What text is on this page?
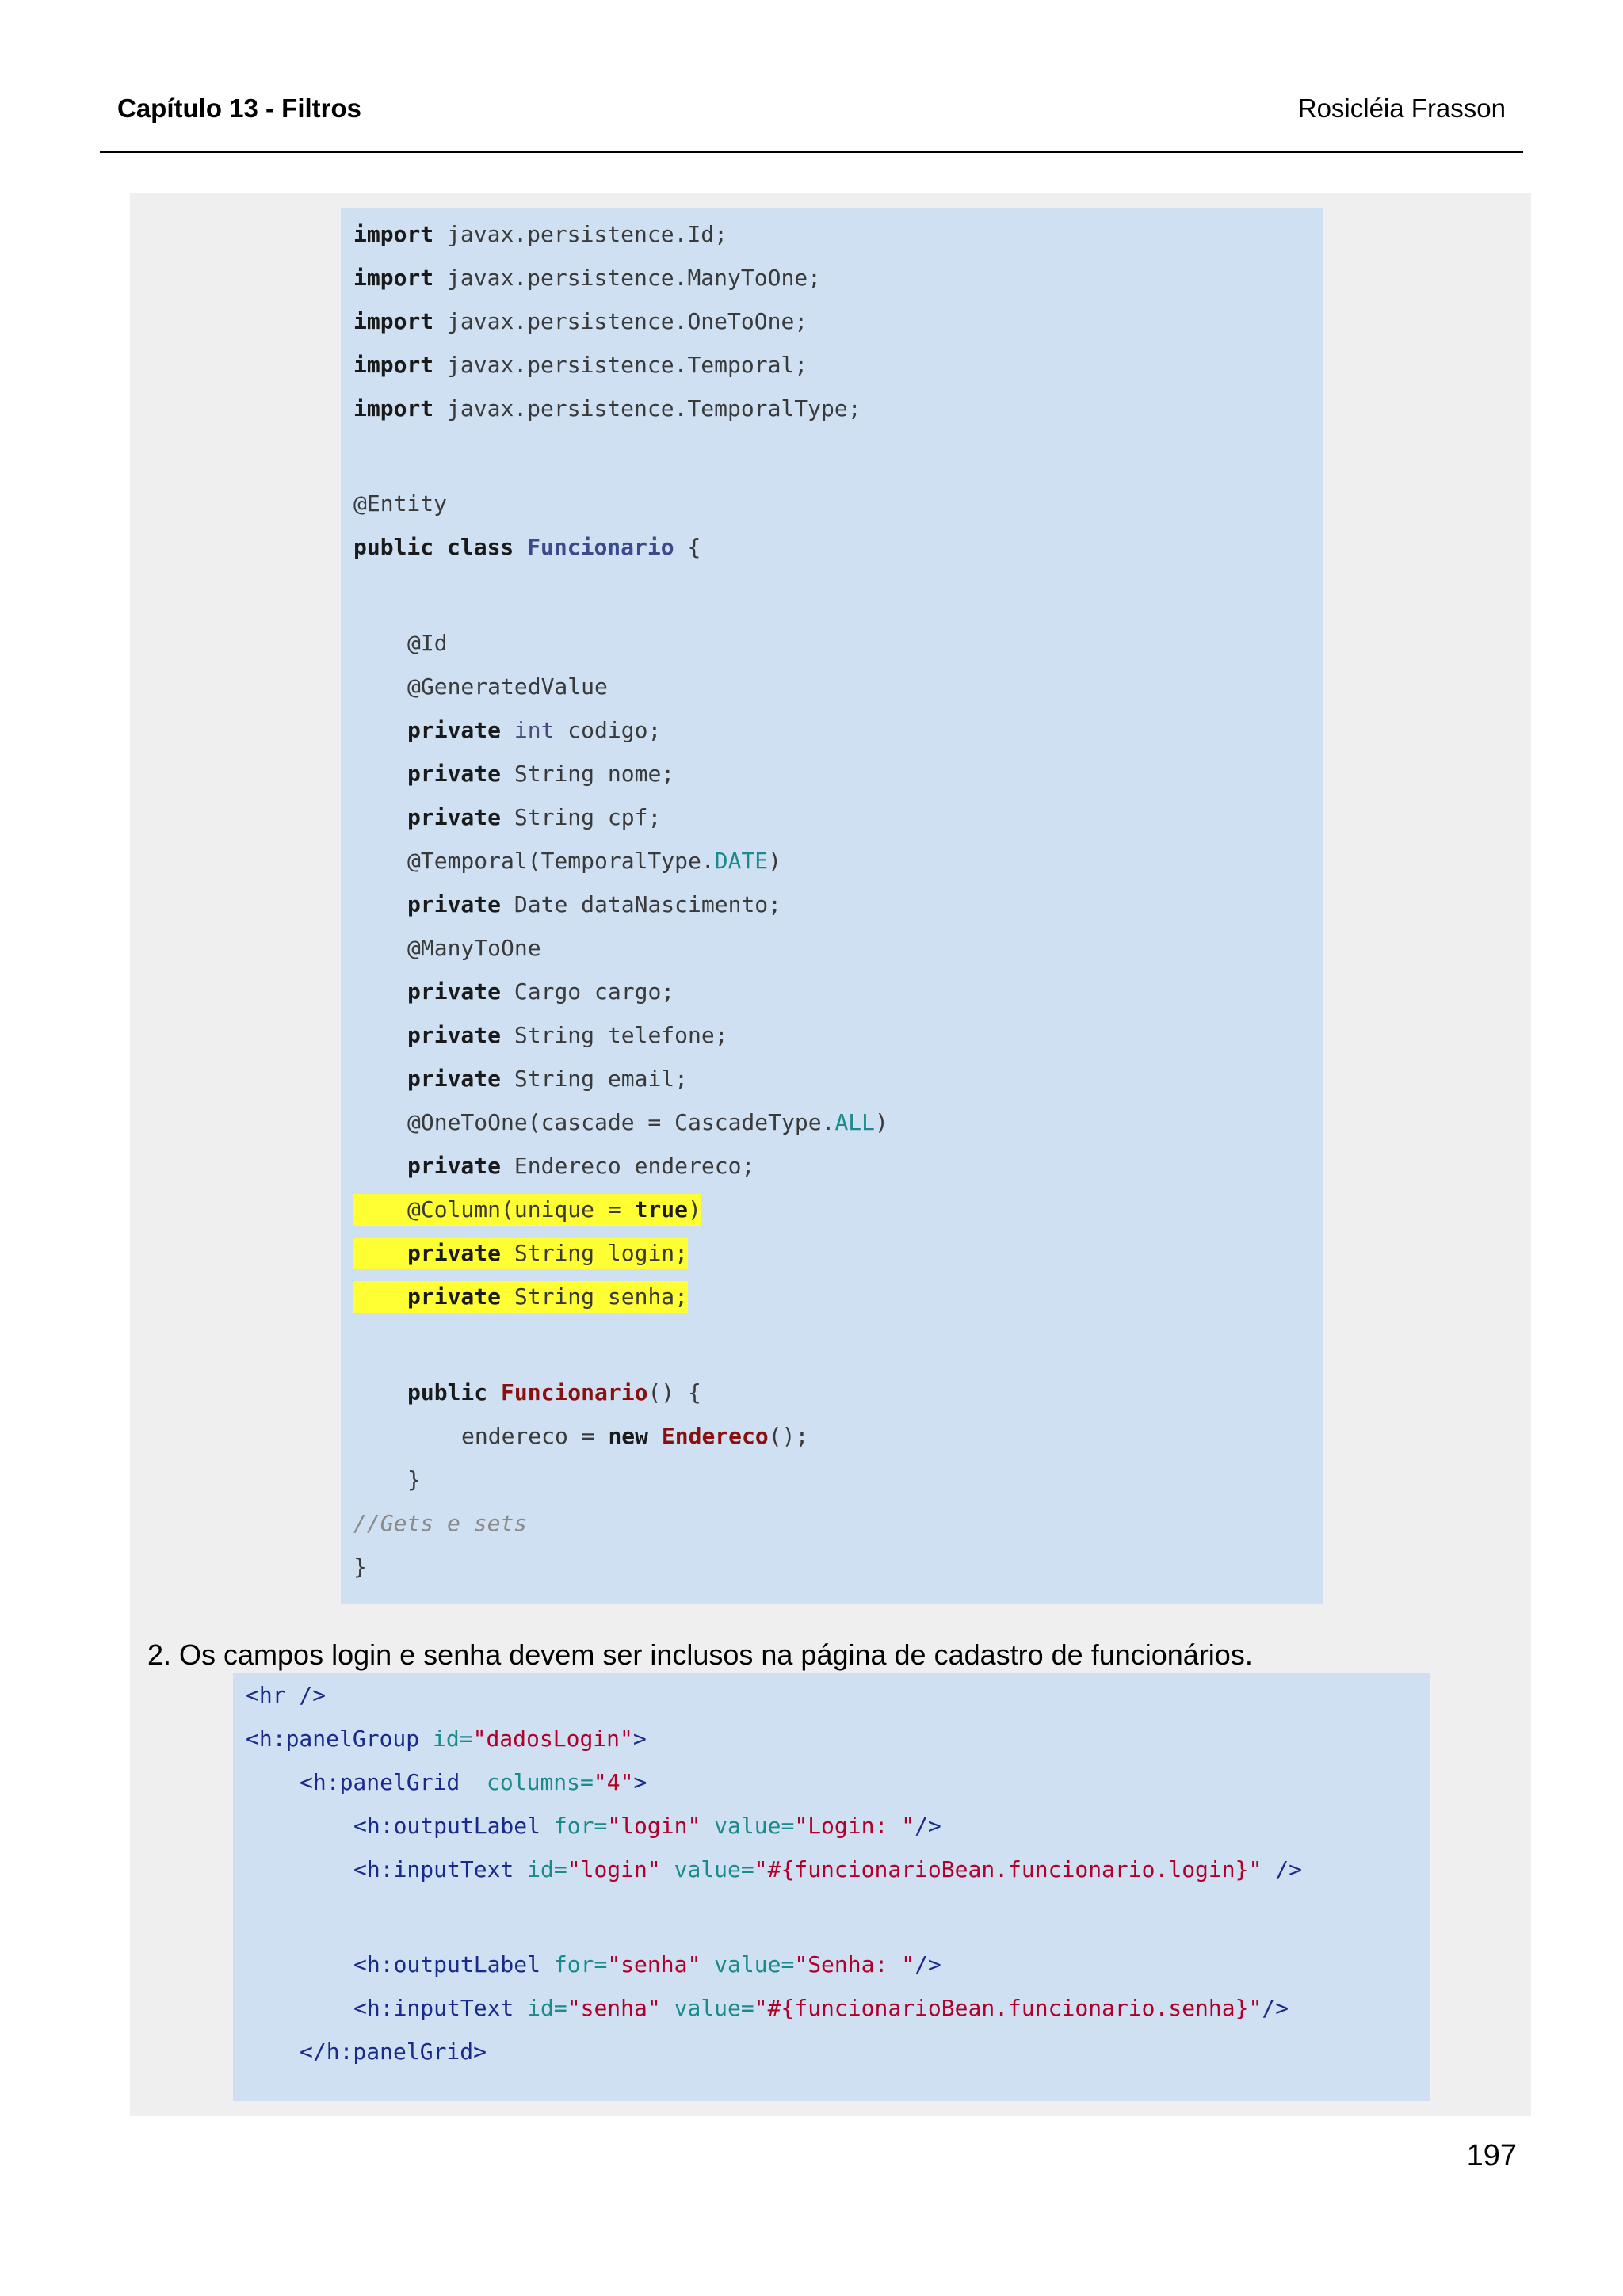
Capítulo 13 - Filtros	Rosicléia Frasson
import javax.persistence.Id;
import javax.persistence.ManyToOne;
import javax.persistence.OneToOne;
import javax.persistence.Temporal;
import javax.persistence.TemporalType;
@Entity
public class Funcionario {
@Id
@GeneratedValue
private int codigo;
private String nome;
private String cpf;
@Temporal(TemporalType.DATE)
private Date dataNascimento;
@ManyToOne
private Cargo cargo;
private String telefone;
private String email;
@OneToOne(cascade = CascadeType.ALL)
private Endereco endereco;
@Column(unique = true)
private String login;
private String senha;
public Funcionario() {
endereco = new Endereco();
}
//Gets e sets
}
2. Os campos login e senha devem ser inclusos na página de cadastro de funcionários.
<hr />
<h:panelGroup id="dadosLogin">
<h:panelGrid  columns="4">
<h:outputLabel for="login" value="Login: "/>
<h:inputText id="login" value="#{funcionarioBean.funcionario.login}" />
<h:outputLabel for="senha" value="Senha: "/>
<h:inputText id="senha" value="#{funcionarioBean.funcionario.senha}"/>
</h:panelGrid>
197
